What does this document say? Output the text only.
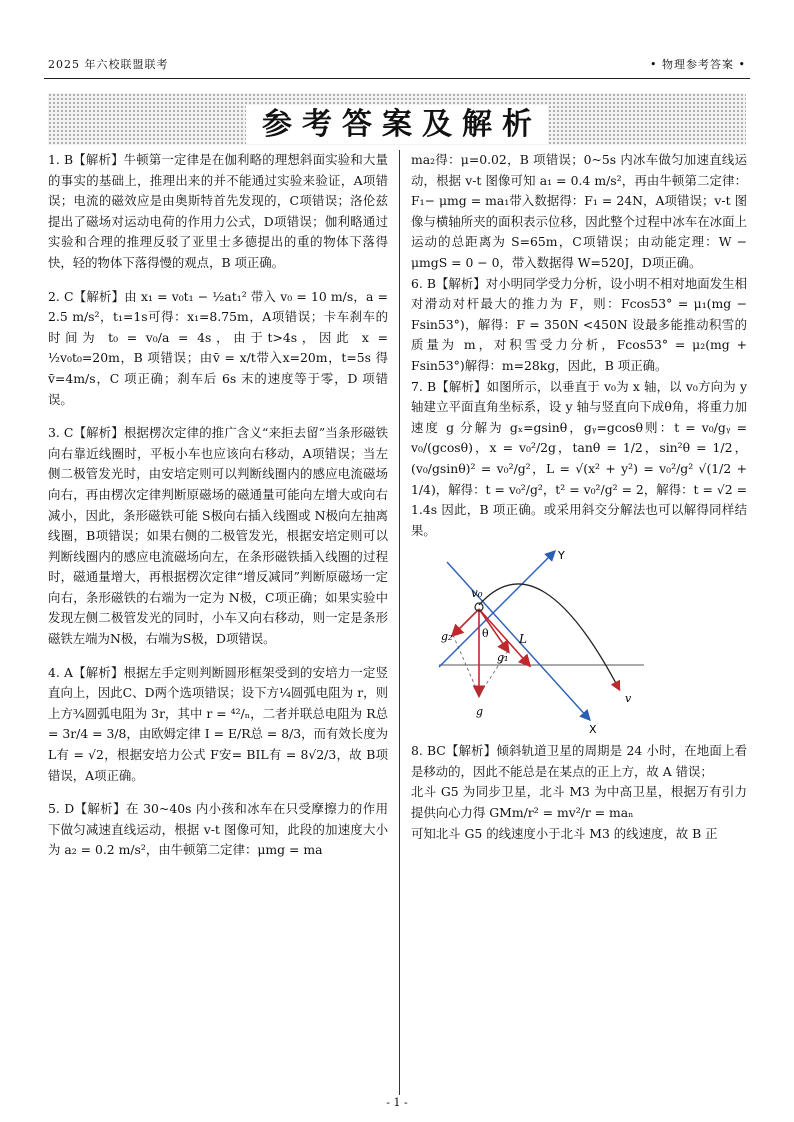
2025 年六校联盟联考	• 物理参考答案 •
参考答案及解析

1. B【解析】牛顿第一定律是在伽利略的理想斜面实验和大量的事实的基础上，推理出来的并不能通过实验来验证，A项错误；电流的磁效应是由奥斯特首先发现的，C项错误；洛伦兹提出了磁场对运动电荷的作用力公式，D项错误；伽利略通过实验和合理的推理反驳了亚里士多德提出的重的物体下落得快，轻的物体下落得慢的观点，B 项正确。

2. C【解析】由 x₁ = v₀t₁ − ½at₁² 带入 v₀ = 10 m/s，a = 2.5 m/s²，t₁=1s可得：x₁=8.75m，A项错误；卡车刹车的时间为 t₀ = v₀/a = 4s，由于t>4s，因此 x = ½v₀t₀=20m，B 项错误；由v̄ = x/t带入x=20m，t=5s 得v̄=4m/s，C 项正确；刹车后 6s 末的速度等于零，D 项错误。

3. C【解析】根据楞次定律的推广含义“来拒去留”当条形磁铁向右靠近线圈时，平板小车也应该向右移动，A项错误；当左侧二极管发光时，由安培定则可以判断线圈内的感应电流磁场向右，再由楞次定律判断原磁场的磁通量可能向左增大或向右减小，因此，条形磁铁可能 S极向右插入线圈或 N极向左抽离线圈，B项错误；如果右侧的二极管发光，根据安培定则可以判断线圈内的感应电流磁场向左，在条形磁铁插入线圈的过程时，磁通量增大，再根据楞次定律“增反减同”判断原磁场一定向右，条形磁铁的右端为一定为 N极，C项正确；如果实验中发现左侧二极管发光的同时，小车又向右移动，则一定是条形磁铁左端为N极，右端为S极，D项错误。

4. A【解析】根据左手定则判断圆形框架受到的安培力一定竖直向上，因此C、D两个选项错误；设下方¼圆弧电阻为 r，则上方¾圆弧电阻为 3r，其中 r = ⁴²/ₙ，二者并联总电阻为 R总 = 3r/4 = 3/8，由欧姆定律 I = E/R总 = 8/3，而有效长度为 L有 = √2，根据安培力公式 F安= BIL有 = 8√2/3，故 B项错误，A项正确。

5. D【解析】在 30~40s 内小孩和冰车在只受摩擦力的作用下做匀减速直线运动，根据 v-t 图像可知，此段的加速度大小为 a₂ = 0.2 m/s²，由牛顿第二定律：μmg = ma

ma₂得：μ=0.02，B 项错误；0~5s 内冰车做匀加速直线运动，根据 v-t 图像可知 a₁ = 0.4 m/s²，再由牛顿第二定律：F₁− μmg = ma₁带入数据得：F₁ = 24N，A项错误；v-t 图像与横轴所夹的面积表示位移，因此整个过程中冰车在冰面上运动的总距离为 S=65m，C项错误；由动能定理：W − μmgS = 0 − 0，带入数据得 W=520J，D项正确。

6. B【解析】对小明同学受力分析，设小明不相对地面发生相对滑动对杆最大的推力为 F，则：Fcos53° = μ₁(mg − Fsin53°)，解得：F = 350N <450N 设最多能推动积雪的质量为 m，对积雪受力分析，Fcos53° = μ₂(mg + Fsin53°)解得：m=28kg，因此，B 项正确。

7. B【解析】如图所示，以垂直于 v₀为 x 轴，以 v₀方向为 y 轴建立平面直角坐标系，设 y 轴与竖直向下成θ角，将重力加速度 g 分解为 gₓ=gsinθ，gᵧ=gcosθ则：t = v₀/gᵧ = v₀/(gcosθ)，x = v₀²/2g，tanθ = 1/2，sin²θ = 1/2，(v₀/gsinθ)² = v₀²/g²，L = √(x² + y²) = v₀²/g² √(1/2 + 1/4)，解得：t = v₀²/g²，t² = v₀²/g² = 2，解得：t = √2 = 1.4s 因此，B 项正确。或采用斜交分解法也可以解得同样结果。

Y
X
v₀
θ
g₂
g₁
L
g
v

8. BC【解析】倾斜轨道卫星的周期是 24 小时，在地面上看是移动的，因此不能总是在某点的正上方，故 A 错误；

北斗 G5 为同步卫星，北斗 M3 为中高卫星，根据万有引力提供向心力得 GMm/r² = mv²/r = maₙ

可知北斗 G5 的线速度小于北斗 M3 的线速度，故 B 正

- 1 -
